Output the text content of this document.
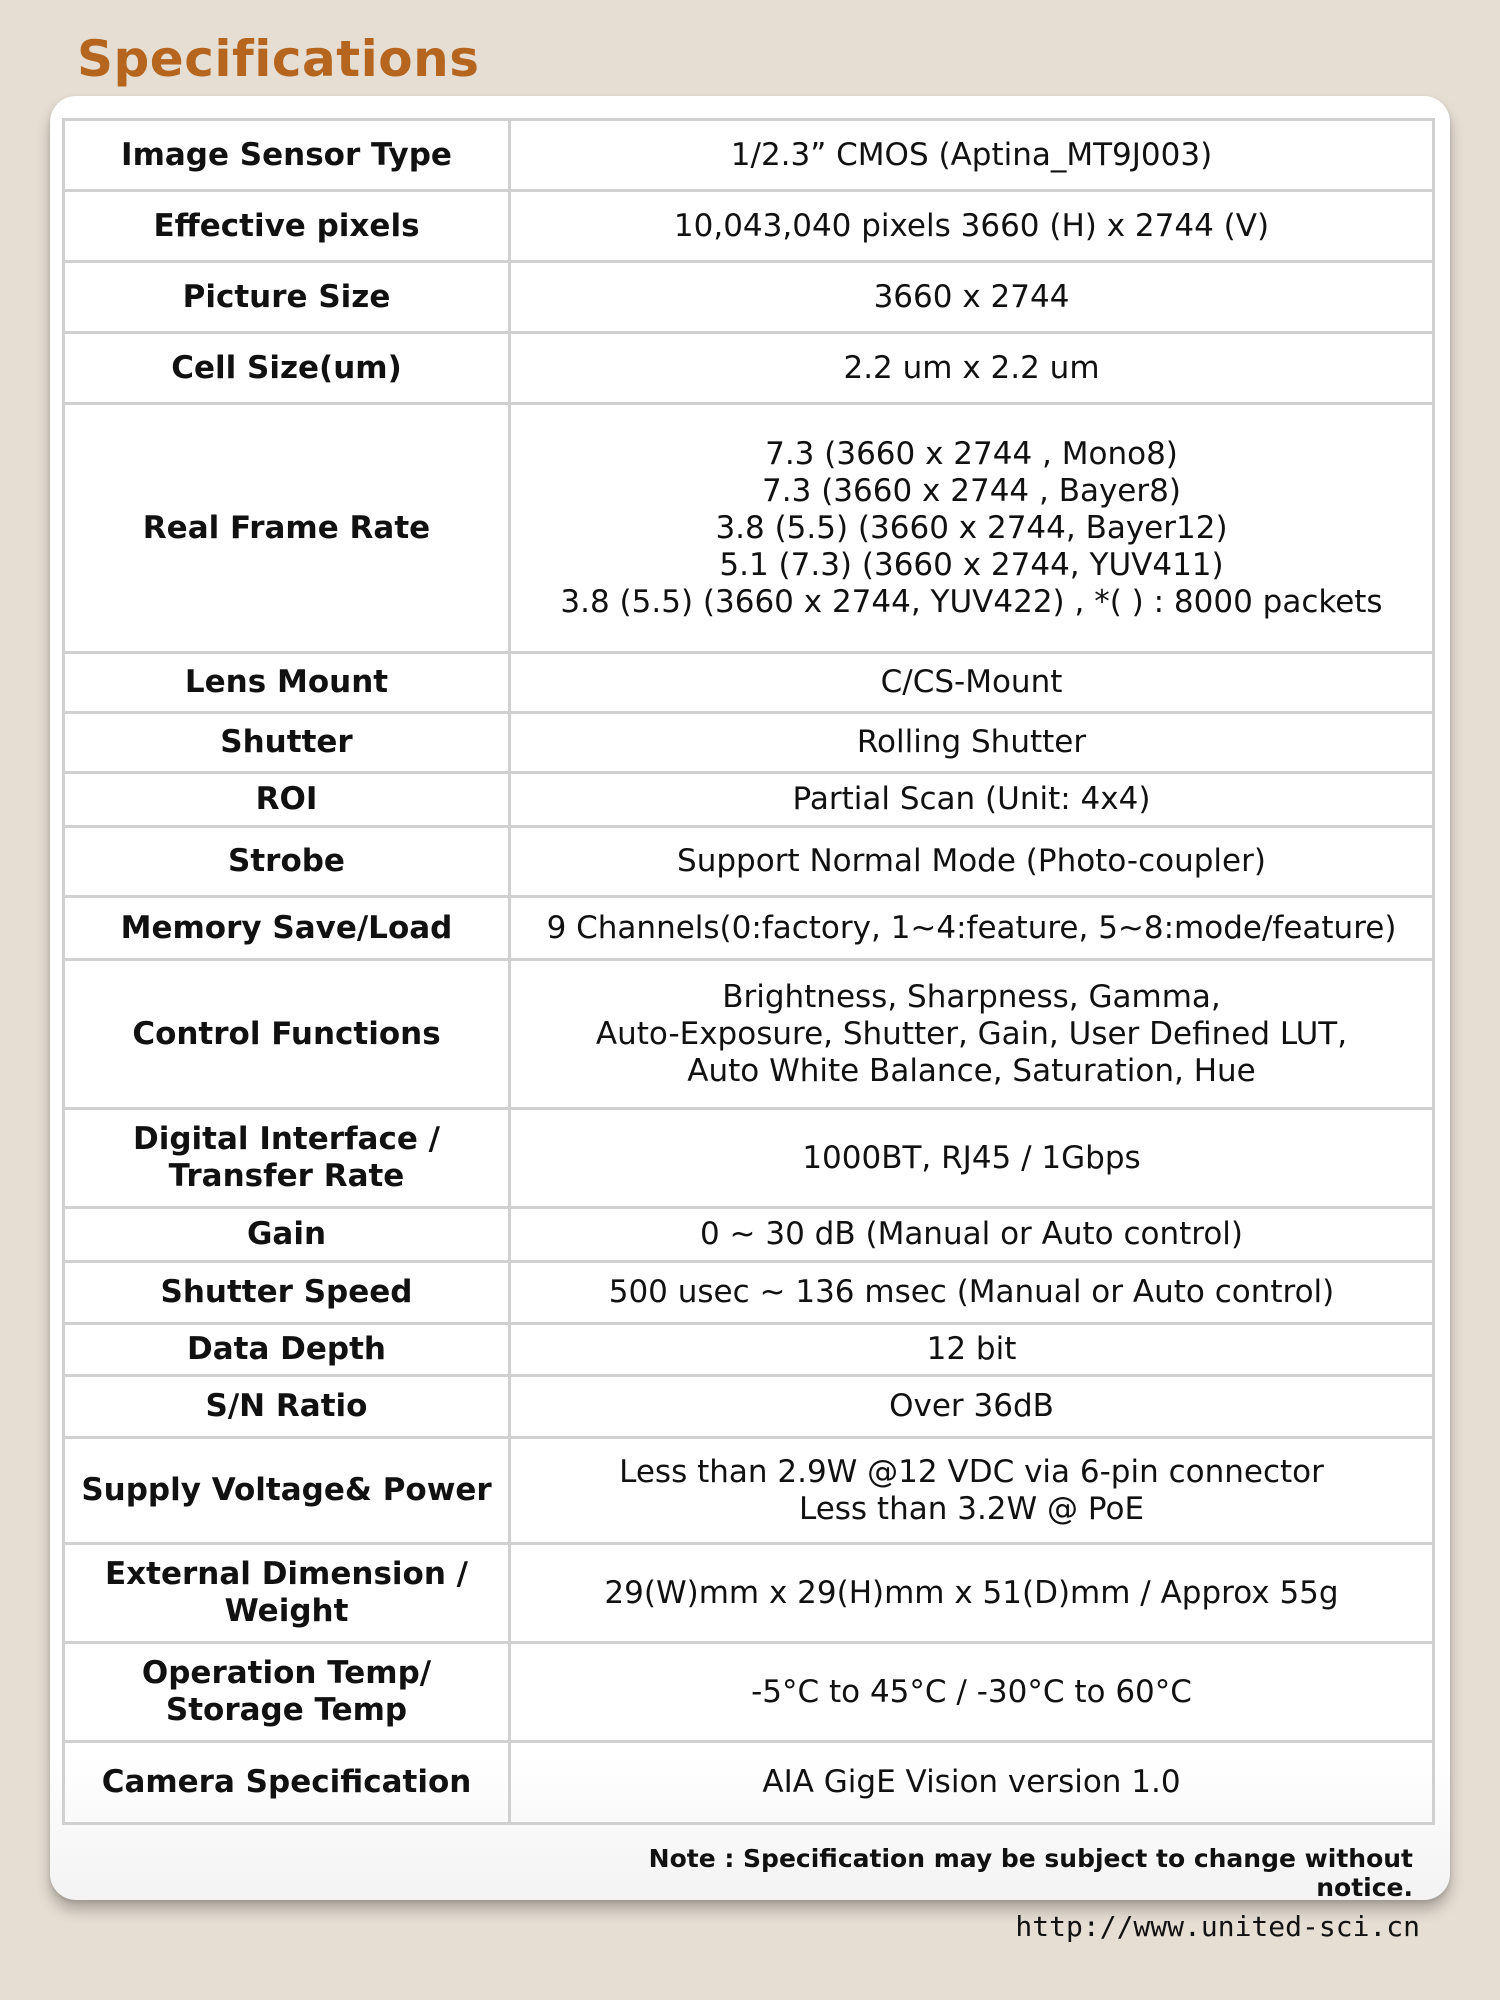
Specifications
Image Sensor Type	1/2.3” CMOS (Aptina_MT9J003)

Effective pixels	10,043,040 pixels 3660 (H) x 2744 (V)

Picture Size	3660 x 2744

Cell Size(um)	2.2 um x 2.2 um

Real Frame Rate	7.3 (3660 x 2744 , Mono8)
7.3 (3660 x 2744 , Bayer8)
3.8 (5.5) (3660 x 2744, Bayer12)
5.1 (7.3) (3660 x 2744, YUV411)
3.8 (5.5) (3660 x 2744, YUV422) , *( ) : 8000 packets

Lens Mount	C/CS-Mount

Shutter	Rolling Shutter

ROI	Partial Scan (Unit: 4x4)

Strobe	Support Normal Mode (Photo-coupler)

Memory Save/Load	9 Channels(0:factory, 1~4:feature, 5~8:mode/feature)

Control Functions	Brightness, Sharpness, Gamma,
Auto-Exposure, Shutter, Gain, User Defined LUT,
Auto White Balance, Saturation, Hue

Digital Interface /
Transfer Rate	1000BT, RJ45 / 1Gbps

Gain	0 ~ 30 dB (Manual or Auto control)

Shutter Speed	500 usec ~ 136 msec (Manual or Auto control)

Data Depth	12 bit

S/N Ratio	Over 36dB

Supply Voltage& Power	Less than 2.9W @12 VDC via 6-pin connector
Less than 3.2W @ PoE

External Dimension /
Weight	29(W)mm x 29(H)mm x 51(D)mm / Approx 55g

Operation Temp/
Storage Temp	-5°C to 45°C / -30°C to 60°C

Camera Specification	AIA GigE Vision version 1.0
Note : Specification may be subject to change without notice.
http://www.united-sci.cn
